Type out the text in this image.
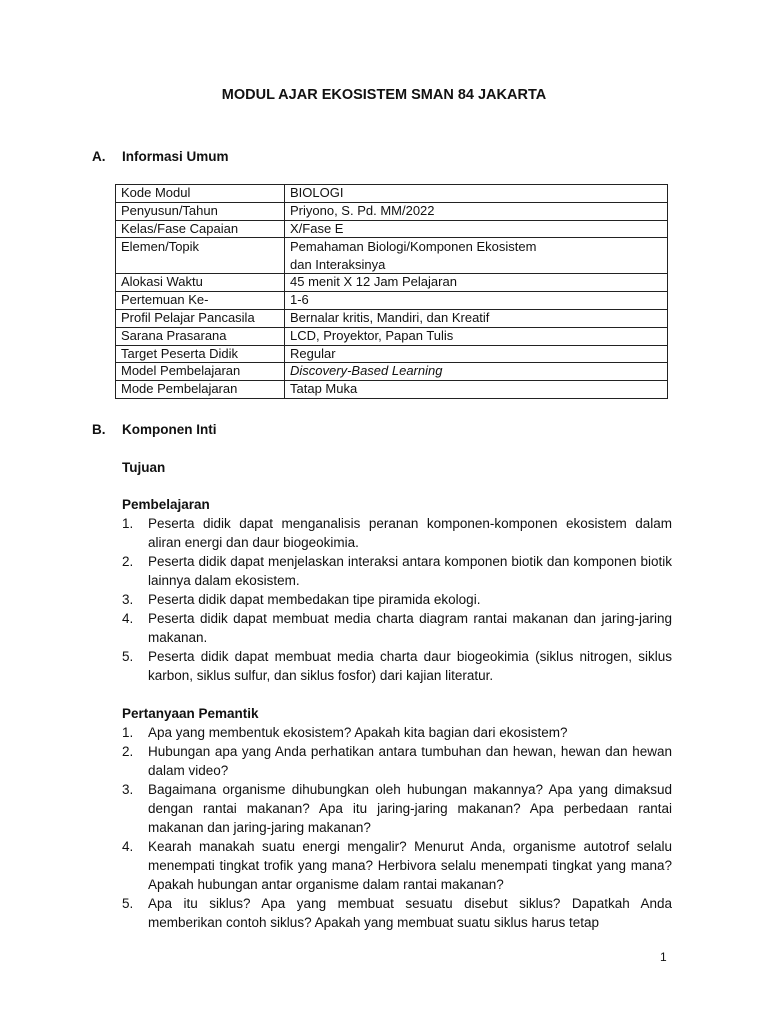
MODUL AJAR EKOSISTEM SMAN 84 JAKARTA
A. Informasi Umum
Kode Modul	BIOLOGI
Penyusun/Tahun	Priyono, S. Pd. MM/2022
Kelas/Fase Capaian	X/Fase E
Elemen/Topik	Pemahaman Biologi/Komponen Ekosistem
dan Interaksinya

Alokasi Waktu	45 menit X 12 Jam Pelajaran
Pertemuan Ke-	1-6
Profil Pelajar Pancasila	Bernalar kritis, Mandiri, dan Kreatif
Sarana Prasarana	LCD, Proyektor, Papan Tulis
Target Peserta Didik	Regular
Model Pembelajaran	Discovery-Based Learning
Mode Pembelajaran	Tatap Muka
B. Komponen Inti
Tujuan
Pembelajaran
1. Peserta didik dapat menganalisis peranan komponen-komponen ekosistem dalam aliran energi dan daur biogeokimia.
2. Peserta didik dapat menjelaskan interaksi antara komponen biotik dan komponen biotik lainnya dalam ekosistem.
3. Peserta didik dapat membedakan tipe piramida ekologi.
4. Peserta didik dapat membuat media charta diagram rantai makanan dan jaring-jaring makanan.
5. Peserta didik dapat membuat media charta daur biogeokimia (siklus nitrogen, siklus karbon, siklus sulfur, dan siklus fosfor) dari kajian literatur.
Pertanyaan Pemantik
1. Apa yang membentuk ekosistem? Apakah kita bagian dari ekosistem?
2. Hubungan apa yang Anda perhatikan antara tumbuhan dan hewan, hewan dan hewan dalam video?
3. Bagaimana organisme dihubungkan oleh hubungan makannya? Apa yang dimaksud dengan rantai makanan? Apa itu jaring-jaring makanan? Apa perbedaan rantai makanan dan jaring-jaring makanan?
4. Kearah manakah suatu energi mengalir? Menurut Anda, organisme autotrof selalu menempati tingkat trofik yang mana? Herbivora selalu menempati tingkat yang mana? Apakah hubungan antar organisme dalam rantai makanan?
5. Apa itu siklus? Apa yang membuat sesuatu disebut siklus? Dapatkah Anda memberikan contoh siklus? Apakah yang membuat suatu siklus harus tetap
1
